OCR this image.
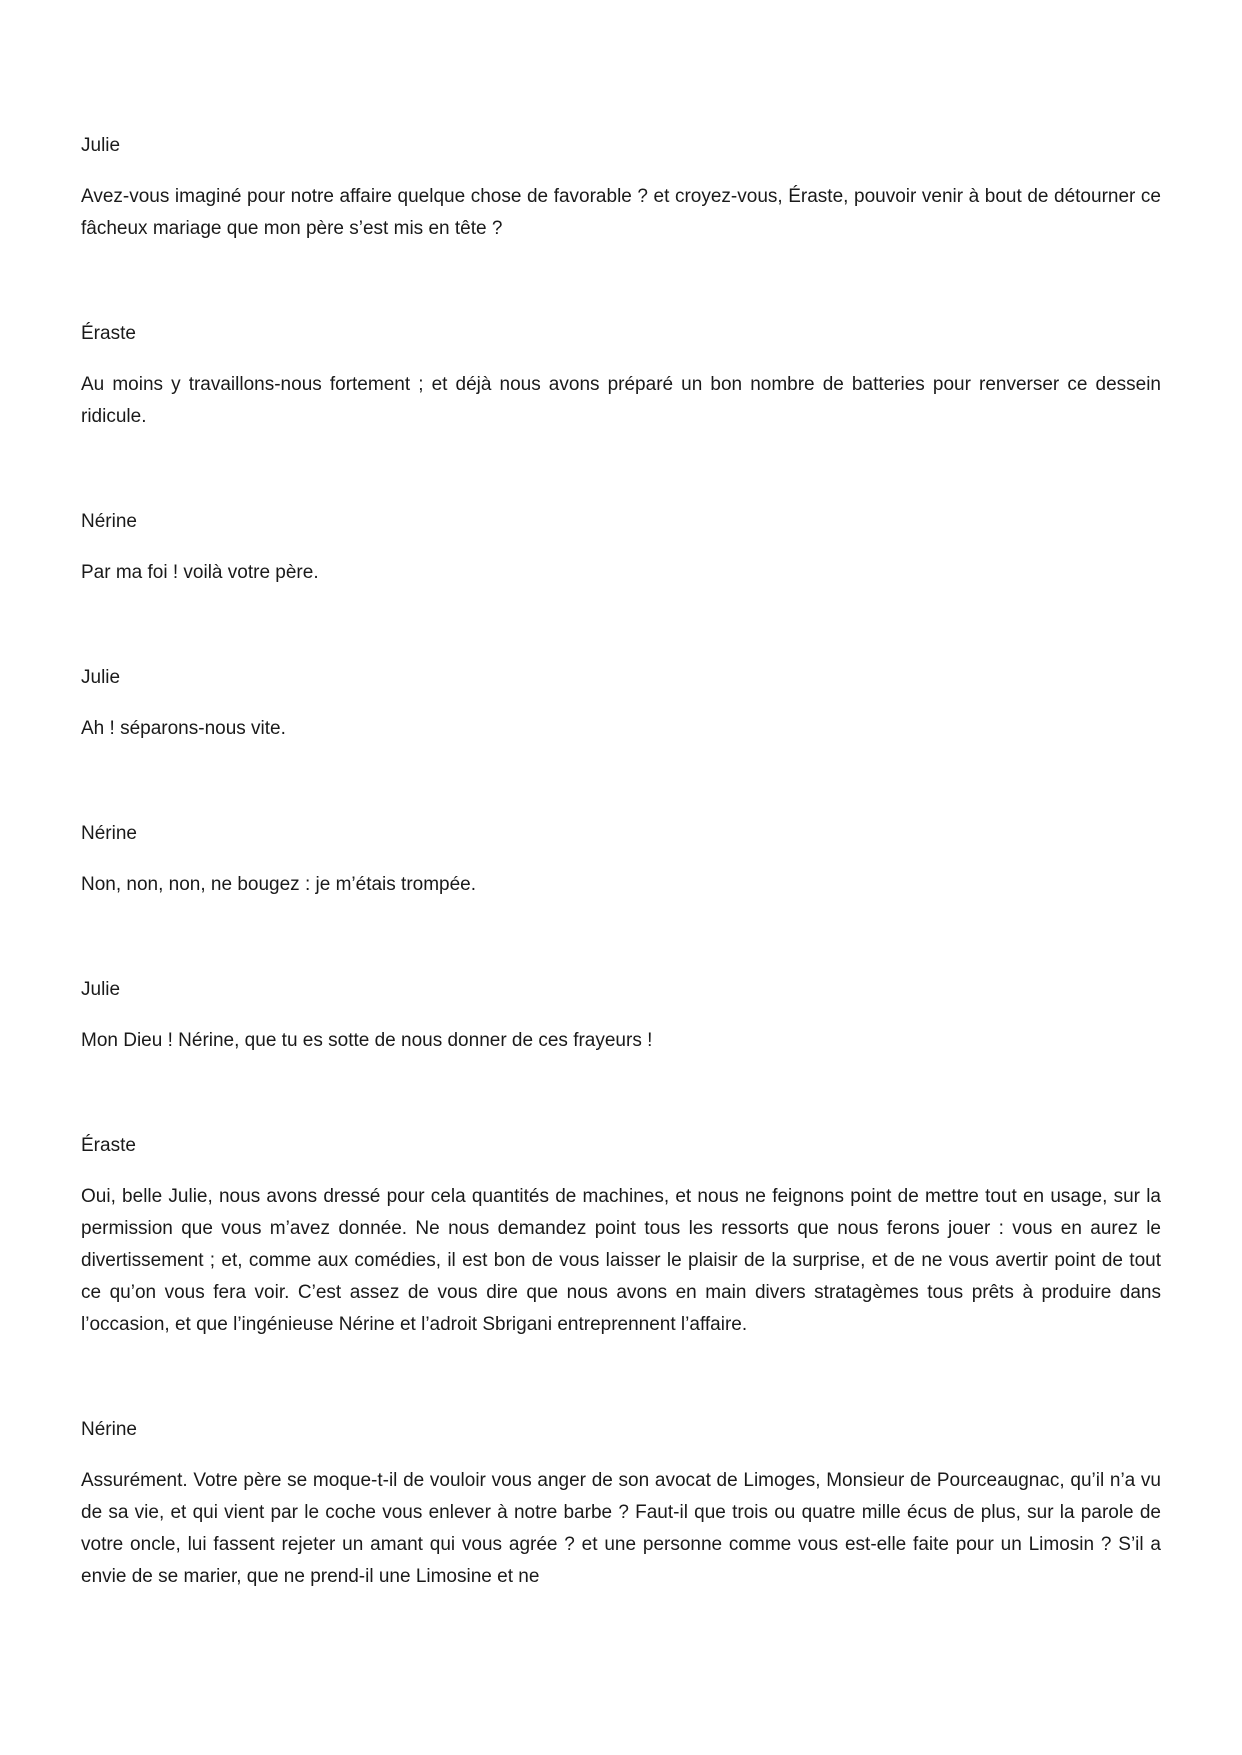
Julie

Avez-vous imaginé pour notre affaire quelque chose de favorable ? et croyez-vous, Éraste, pouvoir venir à bout de détourner ce fâcheux mariage que mon père s’est mis en tête ?

Éraste

Au moins y travaillons-nous fortement ; et déjà nous avons préparé un bon nombre de batteries pour renverser ce dessein ridicule.

Nérine

Par ma foi ! voilà votre père.

Julie

Ah ! séparons-nous vite.

Nérine

Non, non, non, ne bougez : je m’étais trompée.

Julie

Mon Dieu ! Nérine, que tu es sotte de nous donner de ces frayeurs !

Éraste

Oui, belle Julie, nous avons dressé pour cela quantités de machines, et nous ne feignons point de mettre tout en usage, sur la permission que vous m’avez donnée. Ne nous demandez point tous les ressorts que nous ferons jouer : vous en aurez le divertissement ; et, comme aux comédies, il est bon de vous laisser le plaisir de la surprise, et de ne vous avertir point de tout ce qu’on vous fera voir. C’est assez de vous dire que nous avons en main divers stratagèmes tous prêts à produire dans l’occasion, et que l’ingénieuse Nérine et l’adroit Sbrigani entreprennent l’affaire.

Nérine

Assurément. Votre père se moque-t-il de vouloir vous anger de son avocat de Limoges, Monsieur de Pourceaugnac, qu’il n’a vu de sa vie, et qui vient par le coche vous enlever à notre barbe ? Faut-il que trois ou quatre mille écus de plus, sur la parole de votre oncle, lui fassent rejeter un amant qui vous agrée ? et une personne comme vous est-elle faite pour un Limosin ? S’il a envie de se marier, que ne prend-il une Limosine et ne
